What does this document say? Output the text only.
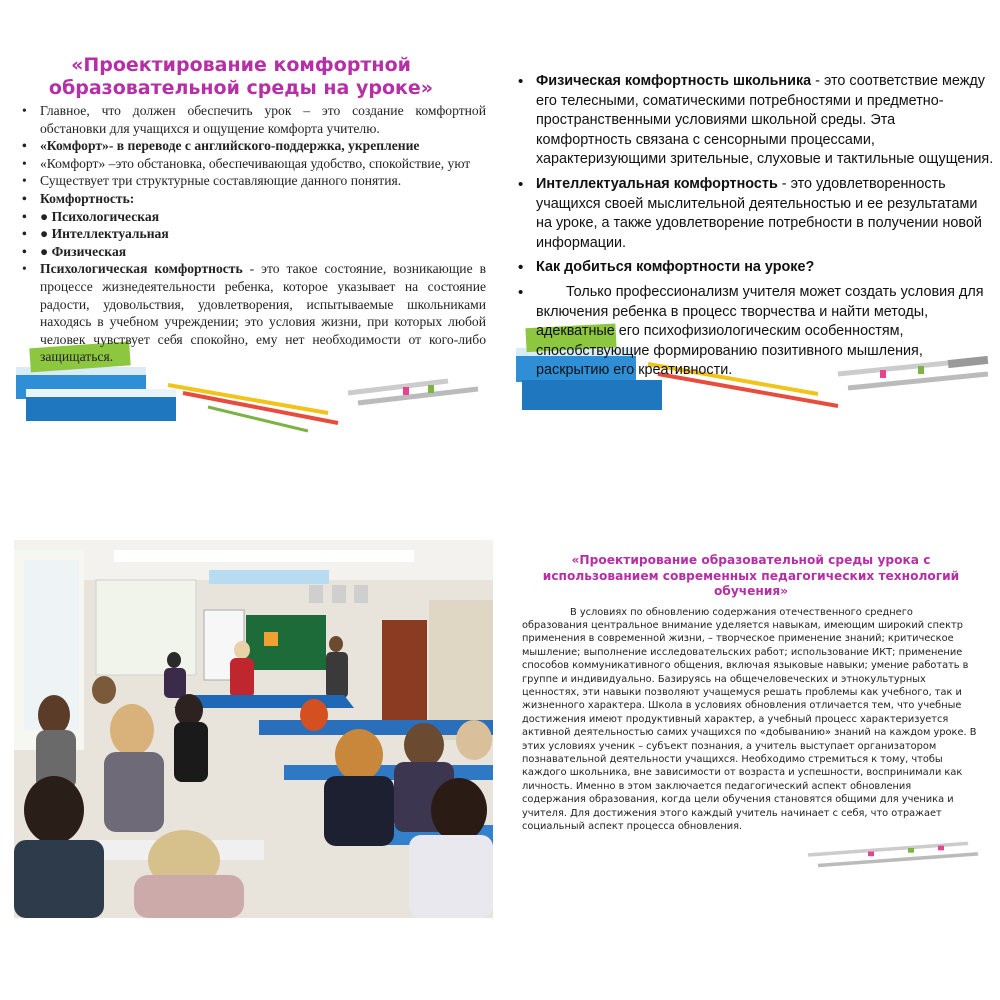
«Проектирование комфортной
образовательной среды на уроке»
• Главное, что должен обеспечить урок – это создание комфортной обстановки для учащихся и ощущение комфорта учителю.
• «Комфорт»- в переводе с английского-поддержка, укрепление
• «Комфорт» –это обстановка, обеспечивающая удобство, спокойствие, уют
• Существует три структурные составляющие данного понятия.
• Комфортность:
• ● Психологическая
• ● Интеллектуальная
• ● Физическая
• Психологическая комфортность - это такое состояние, возникающие в процессе жизнедеятельности ребенка, которое указывает на состояние радости, удовольствия, удовлетворения, испытываемые школьниками находясь в учебном учреждении; это условия жизни, при которых любой человек чувствует себя спокойно, ему нет необходимости от кого-либо защищаться.
• Физическая комфортность школьника - это соответствие между его телесными, соматическими потребностями и предметно-пространственными условиями школьной среды. Эта комфортность связана с сенсорными процессами, характеризующими зрительные, слуховые и тактильные ощущения.
• Интеллектуальная комфортность - это удовлетворенность учащихся своей мыслительной деятельностью и ее результатами на уроке, а также удовлетворение потребности в получении новой информации.
• Как добиться комфортности на уроке?
• Только профессионализм учителя может создать условия для включения ребенка в процесс творчества и найти методы, адекватные его психофизиологическим особенностям, способствующие формированию позитивного мышления, раскрытию его креативности.
«Проектирование образовательной среды урока с использованием современных педагогических технологий обучения»

В условиях по обновлению содержания отечественного среднего образования центральное внимание уделяется навыкам, имеющим широкий спектр применения в современной жизни, – творческое применение знаний; критическое мышление; выполнение исследовательских работ; использование ИКТ; применение способов коммуникативного общения, включая языковые навыки; умение работать в группе и индивидуально. Базируясь на общечеловеческих и этнокультурных ценностях, эти навыки позволяют учащемуся решать проблемы как учебного, так и жизненного характера. Школа в условиях обновления отличается тем, что учебные достижения имеют продуктивный характер, а учебный процесс характеризуется активной деятельностью самих учащихся по «добыванию» знаний на каждом уроке. В этих условиях ученик – субъект познания, а учитель выступает организатором познавательной деятельности учащихся. Необходимо стремиться к тому, чтобы каждого школьника, вне зависимости от возраста и успешности, воспринимали как личность. Именно в этом заключается педагогический аспект обновления содержания образования, когда цели обучения становятся общими для ученика и учителя. Для достижения этого каждый учитель начинает с себя, что отражает социальный аспект процесса обновления.
